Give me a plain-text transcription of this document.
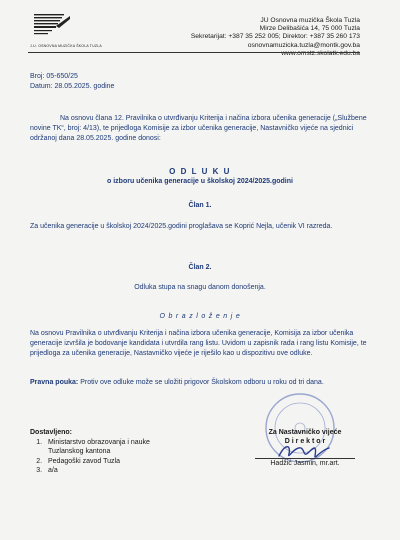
J.U. OSNOVNA MUZIČKA ŠKOLA TUZLA
JU Osnovna muzička Škola Tuzla
Mirze Delibašića 14, 75 000 Tuzla
Sekretarijat: +387 35 252 005; Direktor: +387 35 260 173
osnovnamuzicka.tuzla@montk.gov.ba
www.omstz.skolatk.edu.ba
Broj: 05-650/25
Datum: 28.05.2025. godine
Na osnovu člana 12. Pravilnika o utvrđivanju Kriterija i načina izbora učenika generacije („Službene novine TK“, broj: 4/13), te prijedloga Komisije za izbor učenika generacije, Nastavničko vijeće na sjednici održanoj dana 28.05.2025. godine donosi:
O D L U K U
o izboru učenika generacije u školskoj 2024/2025.godini
Član 1.
Za učenika generacije u školskoj 2024/2025.godini proglašava se Koprić Nejla, učenik VI razreda.
Član 2.
Odluka stupa na snagu danom donošenja.
O b r a z l o ž e n j e
Na osnovu Pravilnika o utvrđivanju Kriterija i načina izbora učenika generacije, Komisija za izbor učenika generacije izvršila je bodovanje kandidata i utvrdila rang listu. Uvidom u zapisnik rada i rang listu Komisije, te prijedloga za učenika generacije, Nastavničko vijeće je riješilo kao u dispozitivu ove odluke.
Pravna pouka: Protiv ove odluke može se uložiti prigovor Školskom odboru u roku od tri dana.
Za Nastavničko vijeće
D i r e k t o r
Hadžić Jasmin, mr.art.
Dostavljeno:
1. Ministarstvo obrazovanja i nauke Tuzlanskog kantona
2. Pedagoški zavod Tuzla
3. a/a
